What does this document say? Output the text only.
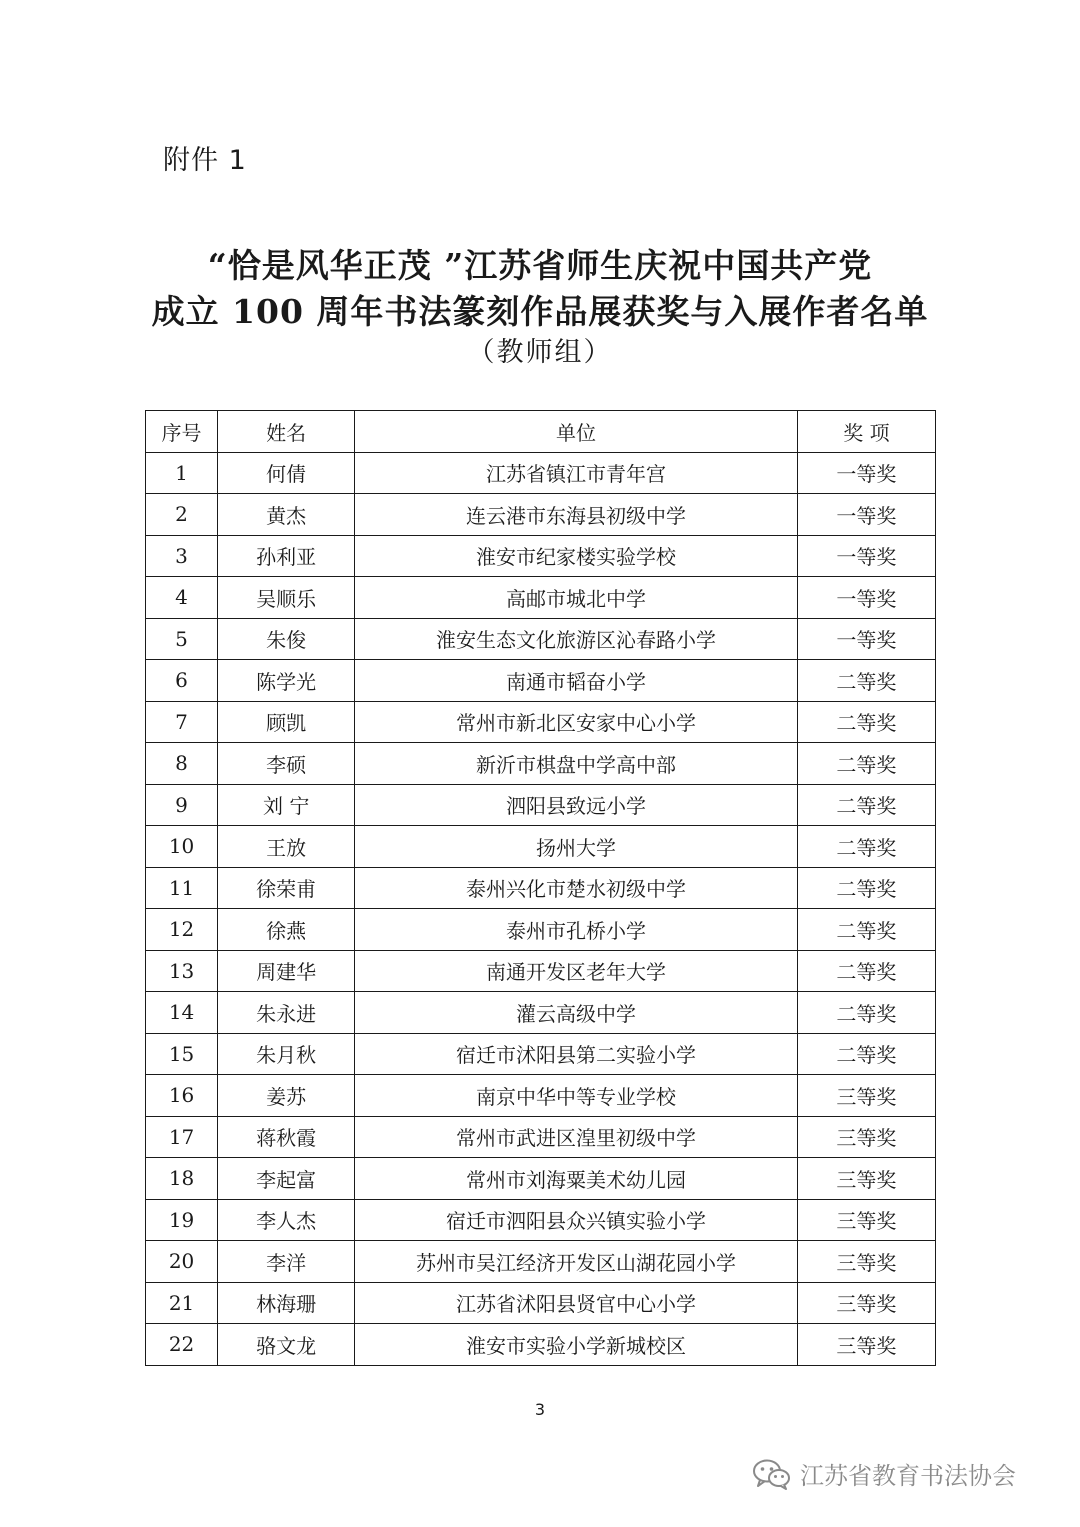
附件 1
“恰是风华正茂 ”江苏省师生庆祝中国共产党
成立 100 周年书法篆刻作品展获奖与入展作者名单
（教师组）
序号	姓名	单位	奖 项
1	何倩	江苏省镇江市青年宫	一等奖
2	黄杰	连云港市东海县初级中学	一等奖
3	孙利亚	淮安市纪家楼实验学校	一等奖
4	吴顺乐	高邮市城北中学	一等奖
5	朱俊	淮安生态文化旅游区沁春路小学	一等奖
6	陈学光	南通市韬奋小学	二等奖
7	顾凯	常州市新北区安家中心小学	二等奖
8	李硕	新沂市棋盘中学高中部	二等奖
9	刘 宁	泗阳县致远小学	二等奖
10	王放	扬州大学	二等奖
11	徐荣甫	泰州兴化市楚水初级中学	二等奖
12	徐燕	泰州市孔桥小学	二等奖
13	周建华	南通开发区老年大学	二等奖
14	朱永进	灌云高级中学	二等奖
15	朱月秋	宿迁市沭阳县第二实验小学	二等奖
16	姜苏	南京中华中等专业学校	三等奖
17	蒋秋霞	常州市武进区湟里初级中学	三等奖
18	李起富	常州市刘海粟美术幼儿园	三等奖
19	李人杰	宿迁市泗阳县众兴镇实验小学	三等奖
20	李洋	苏州市吴江经济开发区山湖花园小学	三等奖
21	林海珊	江苏省沭阳县贤官中心小学	三等奖
22	骆文龙	淮安市实验小学新城校区	三等奖
3
江苏省教育书法协会
